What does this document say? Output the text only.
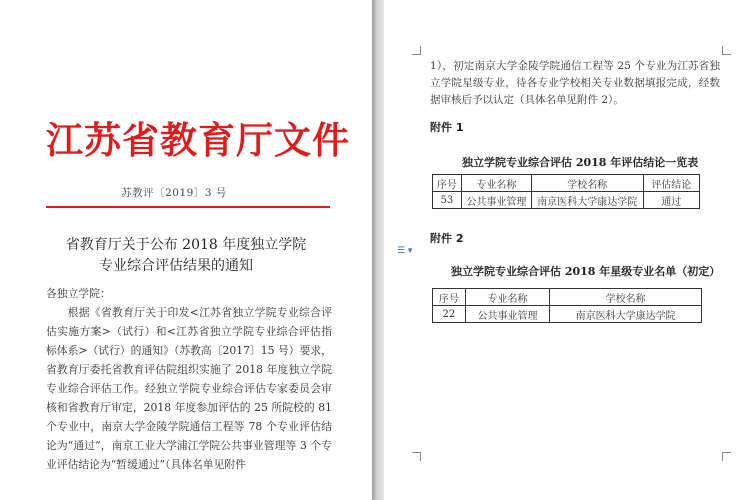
江苏省教育厅文件
苏教评〔2019〕3 号
省教育厅关于公布 2018 年度独立学院
专业综合评估结果的通知

各独立学院：

根据《省教育厅关于印发<江苏省独立学院专业综合评估实施方案>（试行）和<江苏省独立学院专业综合评估指标体系>（试行）的通知》（苏教高〔2017〕15 号）要求，省教育厅委托省教育评估院组织实施了 2018 年度独立学院专业综合评估工作。经独立学院专业综合评估专家委员会审核和省教育厅审定，2018 年度参加评估的 25 所院校的 81 个专业中，南京大学金陵学院通信工程等 78 个专业评估结论为“通过”，南京工业大学浦江学院公共事业管理等 3 个专业评估结论为“暂缓通过”（具体名单见附件

1），初定南京大学金陵学院通信工程等 25 个专业为江苏省独立学院星级专业，待各专业学校相关专业数据填报完成，经数据审核后予以认定（具体名单见附件 2）。
附件 1
独立学院专业综合评估 2018 年评估结论一览表
序号	专业名称	学校名称	评估结论
53	公共事业管理	南京医科大学康达学院	通过
☰ ▾
附件 2
独立学院专业综合评估 2018 年星级专业名单（初定）
序号	专业名称	学校名称
22	公共事业管理	南京医科大学康达学院
